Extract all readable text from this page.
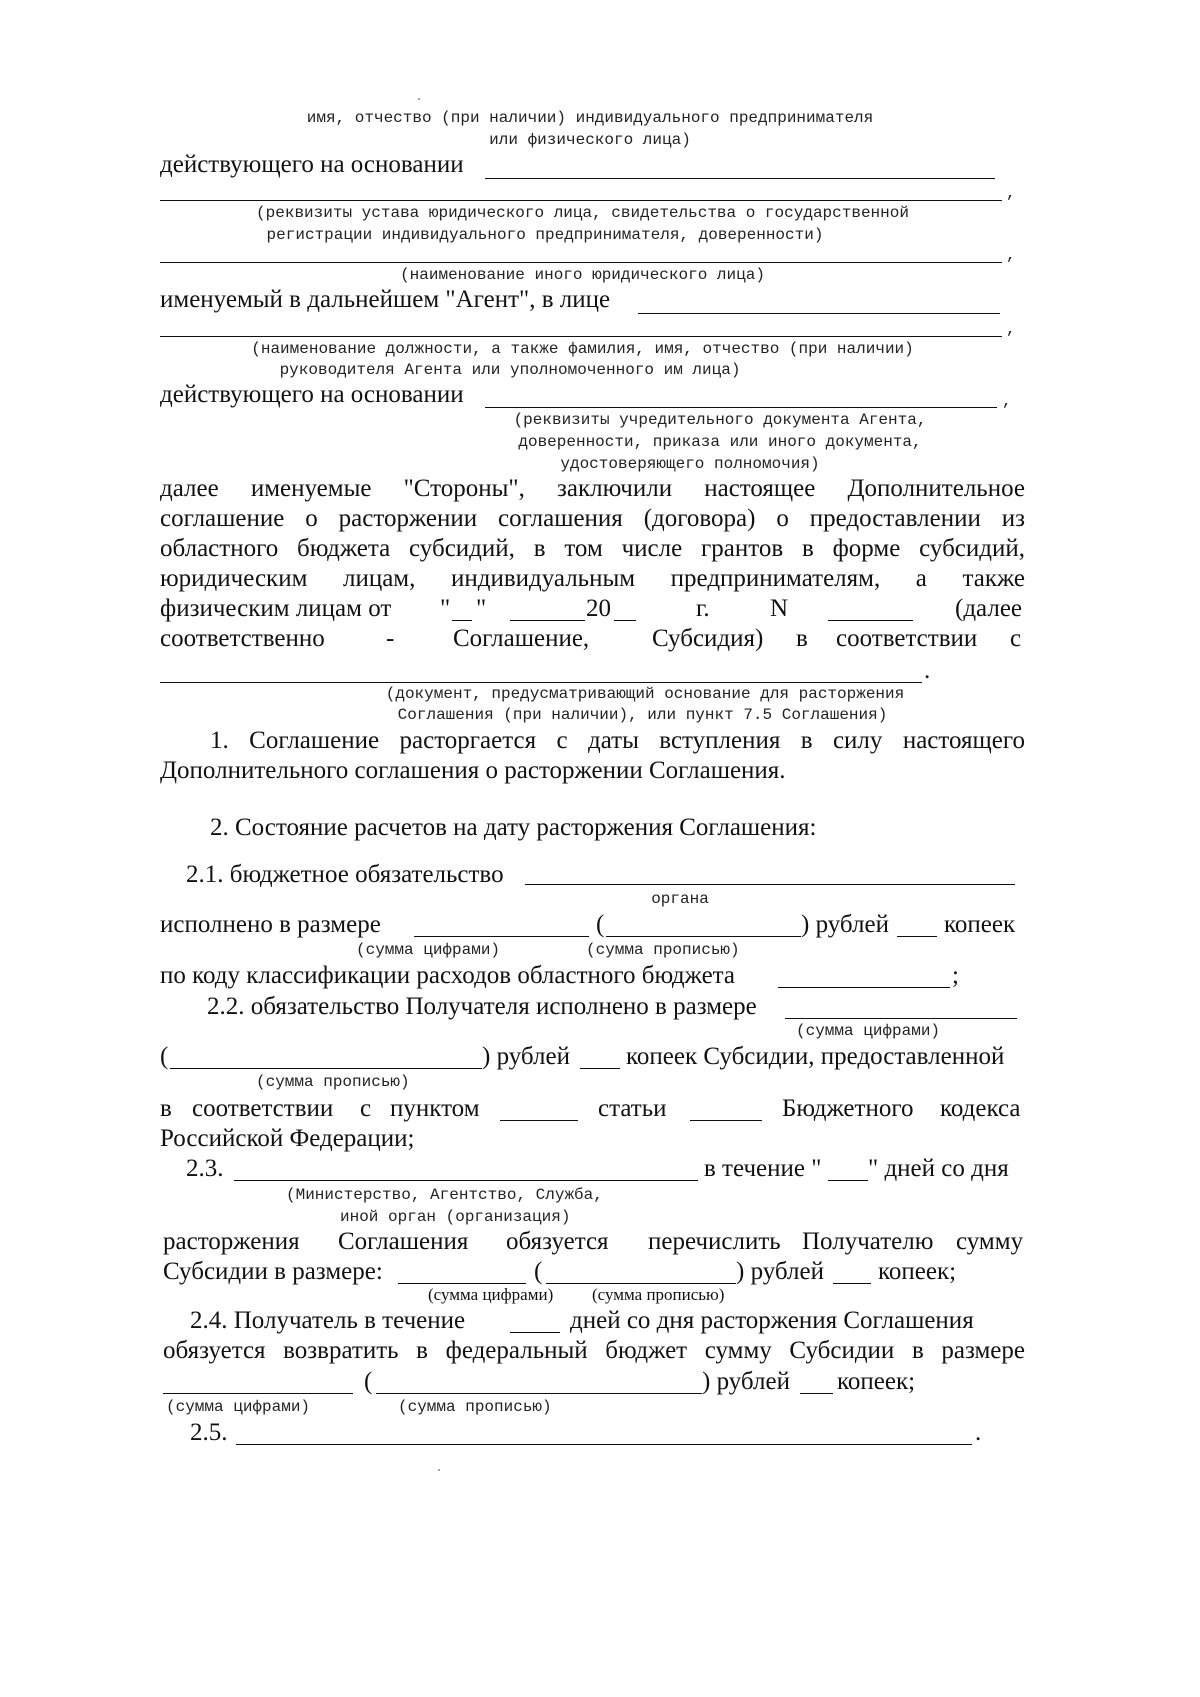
имя, отчество (при наличии) индивидуального предпринимателя
или физического лица)
действующего на основании
,
(реквизиты устава юридического лица, свидетельства о государственной
регистрации индивидуального предпринимателя, доверенности)
,
(наименование иного юридического лица)
именуемый в дальнейшем "Агент", в лице
,
(наименование должности, а также фамилия, имя, отчество (при наличии)
руководителя Агента или уполномоченного им лица)
действующего на основании	,
(реквизиты учредительного документа Агента,
доверенности, приказа или иного документа,
удостоверяющего полномочия)
далее именуемые "Стороны", заключили настоящее Дополнительное
соглашение о расторжении соглашения (договора) о предоставлении из
областного бюджета субсидий, в том числе грантов в форме субсидий,
юридическим лицам, индивидуальным предпринимателям, а также
физическим лицам от " "	20	г. N	(далее
соответственно - Соглашение,	Субсидия) в соответствии с
.
(документ, предусматривающий основание для расторжения
Соглашения (при наличии), или пункт 7.5 Соглашения)
1. Соглашение расторгается с даты вступления в силу настоящего
Дополнительного соглашения о расторжении Соглашения.
2. Состояние расчетов на дату расторжения Соглашения:
2.1. бюджетное обязательство
органа
исполнено в размере	(	) рублей копеек
(сумма цифрами)	(сумма прописью)
по коду классификации расходов областного бюджета	;
2.2. обязательство Получателя исполнено в размере
(сумма цифрами)
(	) рублей копеек Субсидии, предоставленной
(сумма прописью)
в соответствии с пунктом	статьи	Бюджетного кодекса
Российской Федерации;
2.3.	в течение " " дней со дня
(Министерство, Агентство, Служба,
иной орган (организация)
расторжения Соглашения обязуется перечислить Получателю сумму
Субсидии в размере:	(	) рублей копеек;
(сумма цифрами) (сумма прописью)
2.4. Получатель в течение	дней со дня расторжения Соглашения
обязуется возвратить в федеральный бюджет сумму Субсидии в размере
(	) рублей копеек;
(сумма цифрами)	(сумма прописью)
2.5.	.
